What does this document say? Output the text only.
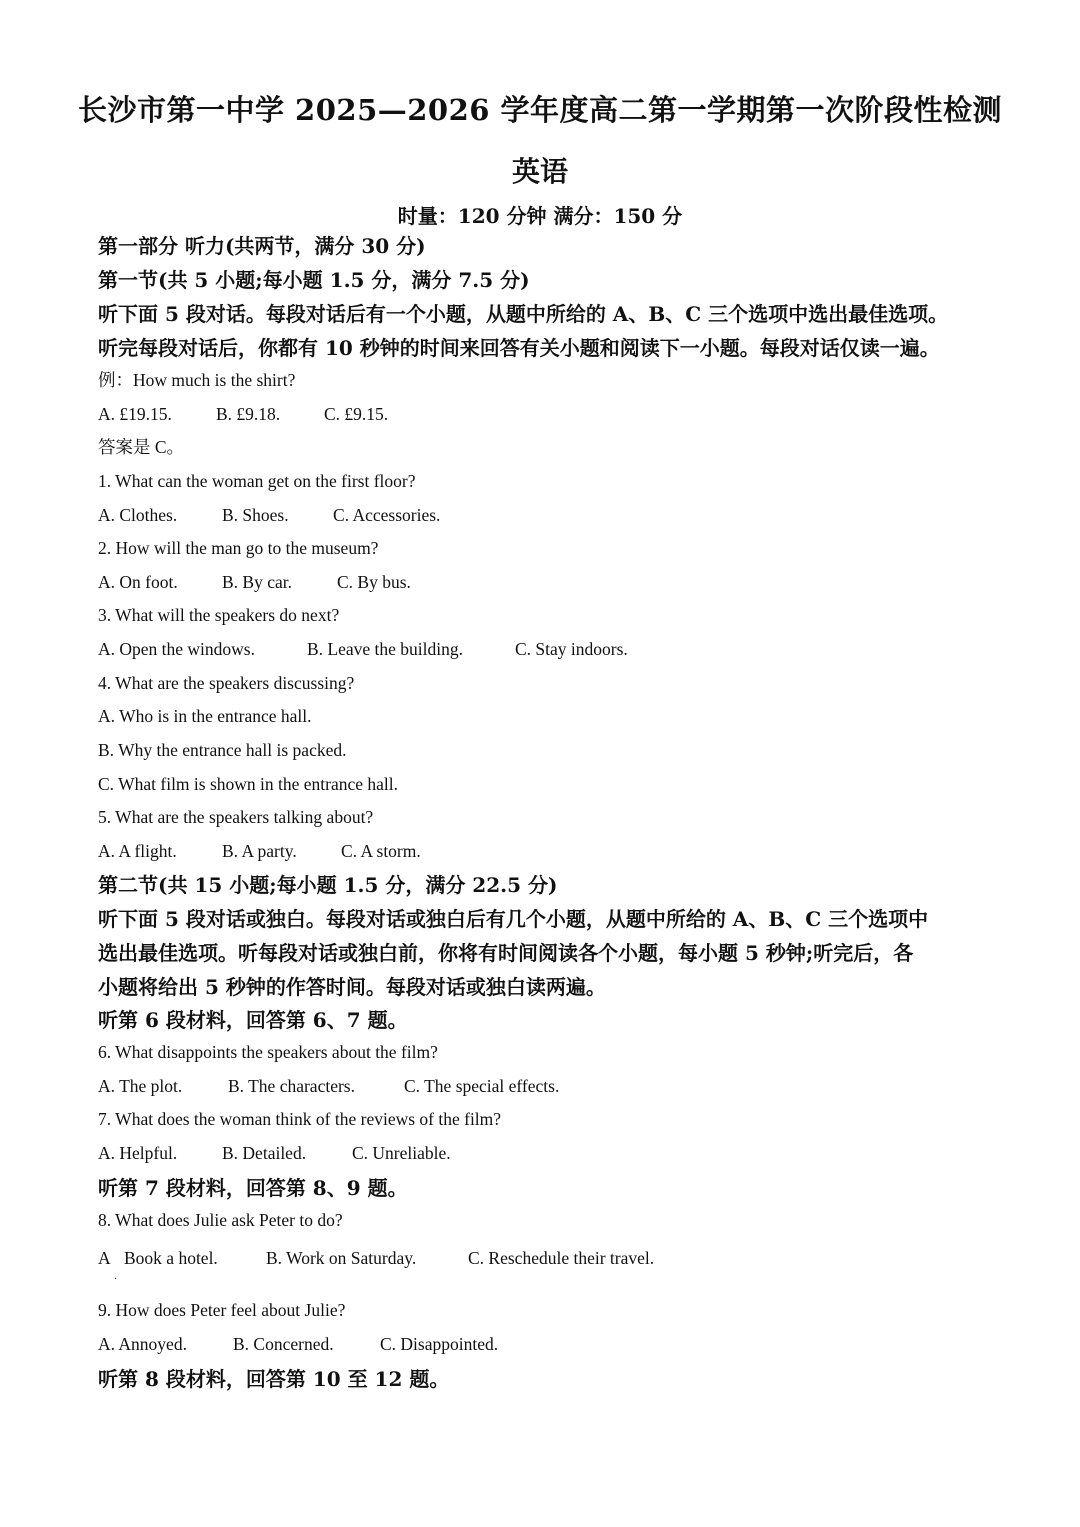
长沙市第一中学 2025—2026 学年度高二第一学期第一次阶段性检测
英语
时量：120 分钟 满分：150 分
第一部分 听力(共两节，满分 30 分)
第一节(共 5 小题;每小题 1.5 分，满分 7.5 分)
听下面 5 段对话。每段对话后有一个小题，从题中所给的 A、B、C 三个选项中选出最佳选项。
听完每段对话后，你都有 10 秒钟的时间来回答有关小题和阅读下一小题。每段对话仅读一遍。
例：How much is the shirt?
A. £19.15.	B. £9.18.	C. £9.15.
答案是 C。
1. What can the woman get on the first floor?
A. Clothes.	B. Shoes.	C. Accessories.
2. How will the man go to the museum?
A. On foot.	B. By car.	C. By bus.
3. What will the speakers do next?
A. Open the windows.	B. Leave the building.	C. Stay indoors.
4. What are the speakers discussing?
A. Who is in the entrance hall.
B. Why the entrance hall is packed.
C. What film is shown in the entrance hall.
5. What are the speakers talking about?
A. A flight.	B. A party.	C. A storm.
第二节(共 15 小题;每小题 1.5 分，满分 22.5 分)
听下面 5 段对话或独白。每段对话或独白后有几个小题，从题中所给的 A、B、C 三个选项中
选出最佳选项。听每段对话或独白前，你将有时间阅读各个小题，每小题 5 秒钟;听完后，各
小题将给出 5 秒钟的作答时间。每段对话或独白读两遍。
听第 6 段材料，回答第 6、7 题。
6. What disappoints the speakers about the film?
A. The plot.	B. The characters.	C. The special effects.
7. What does the woman think of the reviews of the film?
A. Helpful.	B. Detailed.	C. Unreliable.
听第 7 段材料，回答第 8、9 题。
8. What does Julie ask Peter to do?
A Book a hotel.	B. Work on Saturday.	C. Reschedule their travel.
·
9. How does Peter feel about Julie?
A. Annoyed.	B. Concerned.	C. Disappointed.
听第 8 段材料，回答第 10 至 12 题。
